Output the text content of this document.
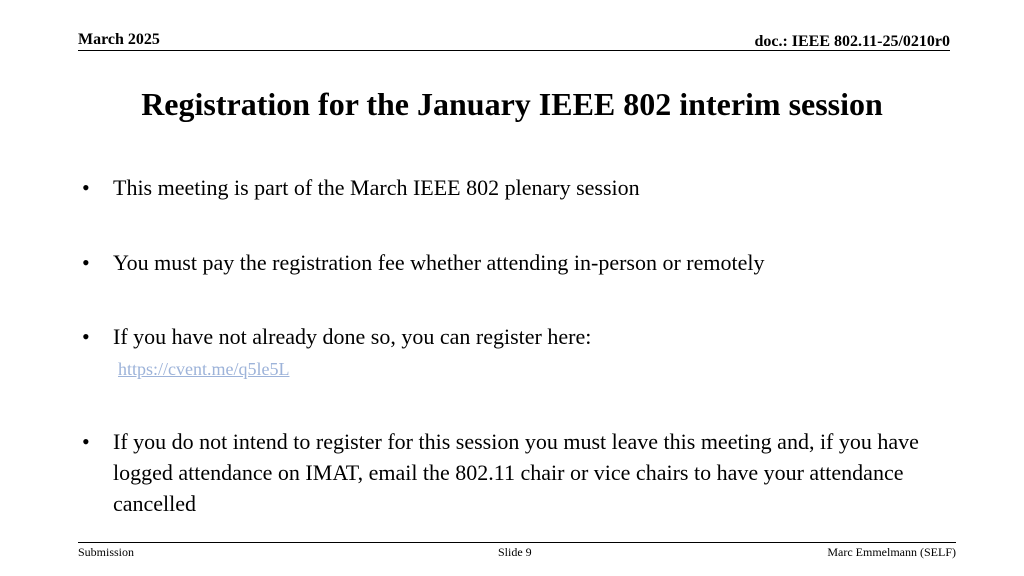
March 2025	doc.: IEEE 802.11-25/0210r0
Registration for the January IEEE 802 interim session
• This meeting is part of the March IEEE 802 plenary session
• You must pay the registration fee whether attending in-person or remotely
• If you have not already done so, you can register here:
https://cvent.me/q5le5L
• If you do not intend to register for this session you must leave this meeting and, if you have logged attendance on IMAT, email the 802.11 chair or vice chairs to have your attendance cancelled
Submission	Slide 9	Marc Emmelmann (SELF)
